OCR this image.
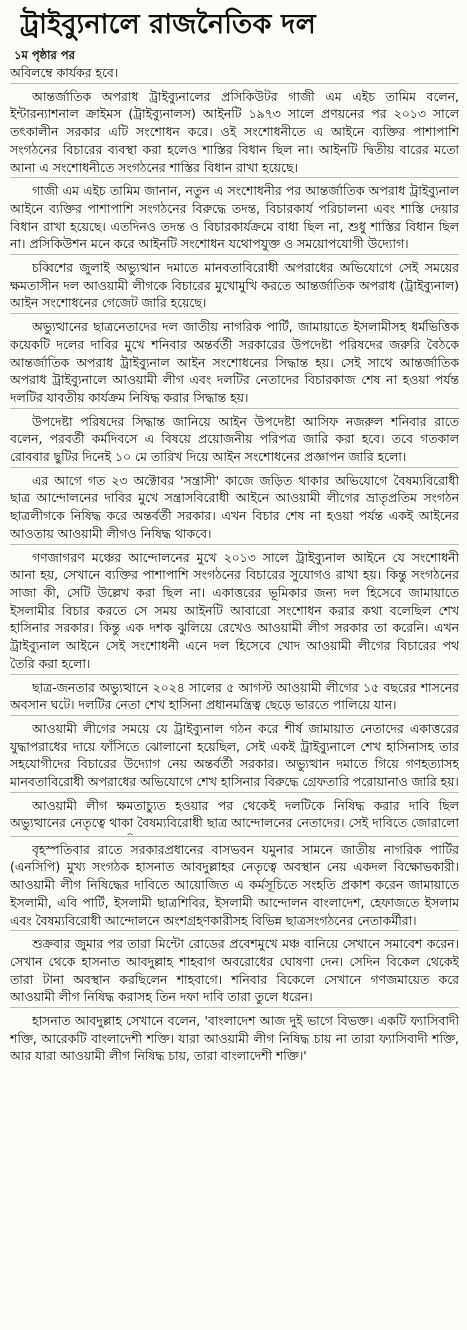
ট্রাইব্যুনালে রাজনৈতিক দল
১ম পৃষ্ঠার পর

অবিলম্বে কার্যকর হবে।

আন্তর্জাতিক অপরাধ ট্রাইব্যুনালের প্রসিকিউটর গাজী এম এইচ তামিম বলেন, ইন্টারন্যাশনাল ক্রাইমস (ট্রাইব্যুনালস) আইনটি ১৯৭৩ সালে প্রণয়নের পর ২০১৩ সালে তৎকালীন সরকার এটি সংশোধন করে। ওই সংশোধনীতে এ আইনে ব্যক্তির পাশাপাশি সংগঠনের বিচারের ব্যবস্থা করা হলেও শাস্তির বিধান ছিল না। আইনটি দ্বিতীয় বারের মতো আনা এ সংশোধনীতে সংগঠনের শাস্তির বিধান রাখা হয়েছে।

গাজী এম এইচ তামিম জানান, নতুন এ সংশোধনীর পর আন্তর্জাতিক অপরাধ ট্রাইব্যুনাল আইনে ব্যক্তির পাশাপাশি সংগঠনের বিরুদ্ধে তদন্ত, বিচারকার্য পরিচালনা এবং শাস্তি দেয়ার বিধান রাখা হয়েছে। এতদিনও তদন্ত ও বিচারকার্যক্রমে বাধা ছিল না, শুধু শাস্তির বিধান ছিল না। প্রসিকিউশন মনে করে আইনটি সংশোধন যথোপযুক্ত ও সময়োপযোগী উদ্যোগ।

চব্বিশের জুলাই অভ্যুত্থান দমাতে মানবতাবিরোধী অপরাধের অভিযোগে সেই সময়ের ক্ষমতাসীন দল আওয়ামী লীগকে বিচারের মুখোমুখি করতে আন্তর্জাতিক অপরাধ (ট্রাইব্যুনাল) আইন সংশোধনের গেজেট জারি হয়েছে।

অভ্যুত্থানের ছাত্রনেতাদের দল জাতীয় নাগরিক পার্টি, জামায়াতে ইসলামীসহ ধর্মভিত্তিক কয়েকটি দলের দাবির মুখে শনিবার অন্তর্বর্তী সরকারের উপদেষ্টা পরিষদের জরুরি বৈঠকে আন্তর্জাতিক অপরাধ ট্রাইব্যুনাল আইন সংশোধনের সিদ্ধান্ত হয়। সেই সাথে আন্তর্জাতিক অপরাধ ট্রাইব্যুনালে আওয়ামী লীগ এবং দলটির নেতাদের বিচারকাজ শেষ না হওয়া পর্যন্ত দলটির যাবতীয় কার্যক্রম নিষিদ্ধ করার সিদ্ধান্ত হয়।

উপদেষ্টা পরিষদের সিদ্ধান্ত জানিয়ে আইন উপদেষ্টা আসিফ নজরুল শনিবার রাতে বলেন, পরবর্তী কর্মদিবসে এ বিষয়ে প্রয়োজনীয় পরিপত্র জারি করা হবে। তবে গতকাল রোববার ছুটির দিনেই ১০ মে তারিখ দিয়ে আইন সংশোধনের প্রজ্ঞাপন জারি হলো।

এর আগে গত ২৩ অক্টোবর 'সন্ত্রাসী' কাজে জড়িত থাকার অভিযোগে বৈষম্যবিরোধী ছাত্র আন্দোলনের দাবির মুখে সন্ত্রাসবিরোধী আইনে আওয়ামী লীগের ভ্রাতৃপ্রতিম সংগঠন ছাত্রলীগকে নিষিদ্ধ করে অন্তর্বর্তী সরকার। এখন বিচার শেষ না হওয়া পর্যন্ত একই আইনের আওতায় আওয়ামী লীগও নিষিদ্ধ থাকবে।

গণজাগরণ মঞ্চের আন্দোলনের মুখে ২০১৩ সালে ট্রাইব্যুনাল আইনে যে সংশোধনী আনা হয়, সেখানে ব্যক্তির পাশাপাশি সংগঠনের বিচারের সুযোগও রাখা হয়। কিন্তু সংগঠনের সাজা কী, সেটি উল্লেখ করা ছিল না। একাত্তরের ভূমিকার জন্য দল হিসেবে জামায়াতে ইসলামীর বিচার করতে সে সময় আইনটি আবারো সংশোধন করার কথা বলেছিল শেখ হাসিনার সরকার। কিন্তু এক দশক ঝুলিয়ে রেখেও আওয়ামী লীগ সরকার তা করেনি। এখন ট্রাইব্যুনাল আইনে সেই সংশোধনী এনে দল হিসেবে খোদ আওয়ামী লীগের বিচারের পথ তৈরি করা হলো।

ছাত্র-জনতার অভ্যুত্থানে ২০২৪ সালের ৫ আগস্ট আওয়ামী লীগের ১৫ বছরের শাসনের অবসান ঘটে। দলটির নেতা শেখ হাসিনা প্রধানমন্ত্রিত্ব ছেড়ে ভারতে পালিয়ে যান।

আওয়ামী লীগের সময়ে যে ট্রাইব্যুনাল গঠন করে শীর্ষ জামায়াত নেতাদের একাত্তরের যুদ্ধাপরাধের দায়ে ফাঁসিতে ঝোলানো হয়েছিল, সেই একই ট্রাইব্যুনালে শেখ হাসিনাসহ তার সহযোগীদের বিচারের উদ্যোগ নেয় অন্তর্বর্তী সরকার। অভ্যুত্থান দমাতে গিয়ে গণহত্যাসহ মানবতাবিরোধী অপরাধের অভিযোগে শেখ হাসিনার বিরুদ্ধে গ্রেফতারি পরোয়ানাও জারি হয়।

আওয়ামী লীগ ক্ষমতাচ্যুত হওয়ার পর থেকেই দলটিকে নিষিদ্ধ করার দাবি ছিল অভ্যুত্থানের নেতৃত্বে থাকা বৈষম্যবিরোধী ছাত্র আন্দোলনের নেতাদের। সেই দাবিতে জোরালো

বৃহস্পতিবার রাতে সরকারপ্রধানের বাসভবন যমুনার সামনে জাতীয় নাগরিক পার্টির (এনসিপি) মুখ্য সংগঠক হাসনাত আবদুল্লাহর নেতৃত্বে অবস্থান নেয় একদল বিক্ষোভকারী। আওয়ামী লীগ নিষিদ্ধের দাবিতে আয়োজিত এ কর্মসূচিতে সংহতি প্রকাশ করেন জামায়াতে ইসলামী, এবি পার্টি, ইসলামী ছাত্রশিবির, ইসলামী আন্দোলন বাংলাদেশ, হেফাজতে ইসলাম এবং বৈষম্যবিরোধী আন্দোলনে অংশগ্রহণকারীসহ বিভিন্ন ছাত্রসংগঠনের নেতাকর্মীরা।

শুক্রবার জুমার পর তারা মিন্টো রোডের প্রবেশমুখে মঞ্চ বানিয়ে সেখানে সমাবেশ করেন। সেখান থেকে হাসনাত আবদুল্লাহ শাহবাগ অবরোধের ঘোষণা দেন। সেদিন বিকেল থেকেই তারা টানা অবস্থান করছিলেন শাহবাগে। শনিবার বিকেলে সেখানে গণজমায়েত করে আওয়ামী লীগ নিষিদ্ধ করাসহ তিন দফা দাবি তারা তুলে ধরেন।

হাসনাত আবদুল্লাহ সেখানে বলেন, 'বাংলাদেশ আজ দুই ভাগে বিভক্ত। একটি ফ্যাসিবাদী শক্তি, আরেকটি বাংলাদেশী শক্তি। যারা আওয়ামী লীগ নিষিদ্ধ চায় না তারা ফ্যাসিবাদী শক্তি, আর যারা আওয়ামী লীগ নিষিদ্ধ চায়, তারা বাংলাদেশী শক্তি।'
